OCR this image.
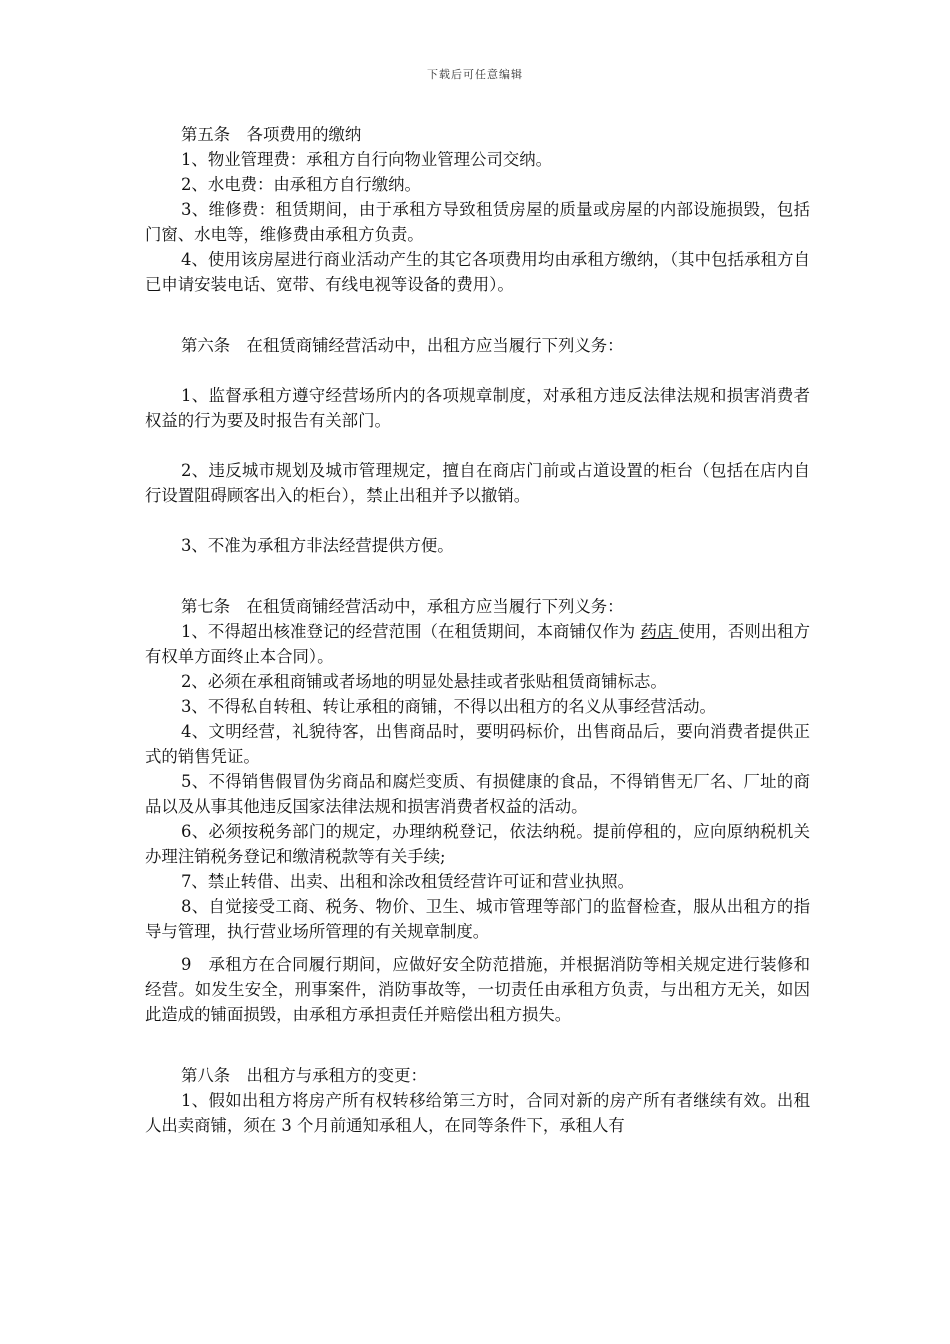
下载后可任意编辑

第五条　各项费用的缴纳

1、物业管理费：承租方自行向物业管理公司交纳。

2、水电费：由承租方自行缴纳。

3、维修费：租赁期间，由于承租方导致租赁房屋的质量或房屋的内部设施损毁，包括门窗、水电等，维修费由承租方负责。

4、使用该房屋进行商业活动产生的其它各项费用均由承租方缴纳，（其中包括承租方自已申请安装电话、宽带、有线电视等设备的费用）。

第六条　在租赁商铺经营活动中，出租方应当履行下列义务：

1、监督承租方遵守经营场所内的各项规章制度，对承租方违反法律法规和损害消费者权益的行为要及时报告有关部门。

2、违反城市规划及城市管理规定，擅自在商店门前或占道设置的柜台（包括在店内自行设置阻碍顾客出入的柜台），禁止出租并予以撤销。

3、不准为承租方非法经营提供方便。

第七条　在租赁商铺经营活动中，承租方应当履行下列义务：

1、不得超出核准登记的经营范围（在租赁期间，本商铺仅作为 药店 使用，否则出租方有权单方面终止本合同）。

2、必须在承租商铺或者场地的明显处悬挂或者张贴租赁商铺标志。

3、不得私自转租、转让承租的商铺，不得以出租方的名义从事经营活动。

4、文明经营，礼貌待客，出售商品时，要明码标价，出售商品后，要向消费者提供正式的销售凭证。

5、不得销售假冒伪劣商品和腐烂变质、有损健康的食品，不得销售无厂名、厂址的商品以及从事其他违反国家法律法规和损害消费者权益的活动。

6、必须按税务部门的规定，办理纳税登记，依法纳税。提前停租的，应向原纳税机关办理注销税务登记和缴清税款等有关手续;

7、禁止转借、出卖、出租和涂改租赁经营许可证和营业执照。

8、自觉接受工商、税务、物价、卫生、城市管理等部门的监督检查，服从出租方的指导与管理，执行营业场所管理的有关规章制度。

9　承租方在合同履行期间，应做好安全防范措施，并根据消防等相关规定进行装修和经营。如发生安全，刑事案件，消防事故等，一切责任由承租方负责，与出租方无关，如因此造成的铺面损毁，由承租方承担责任并赔偿出租方损失。

第八条　出租方与承租方的变更：

1、假如出租方将房产所有权转移给第三方时，合同对新的房产所有者继续有效。出租人出卖商铺，须在 3 个月前通知承租人，在同等条件下，承租人有
